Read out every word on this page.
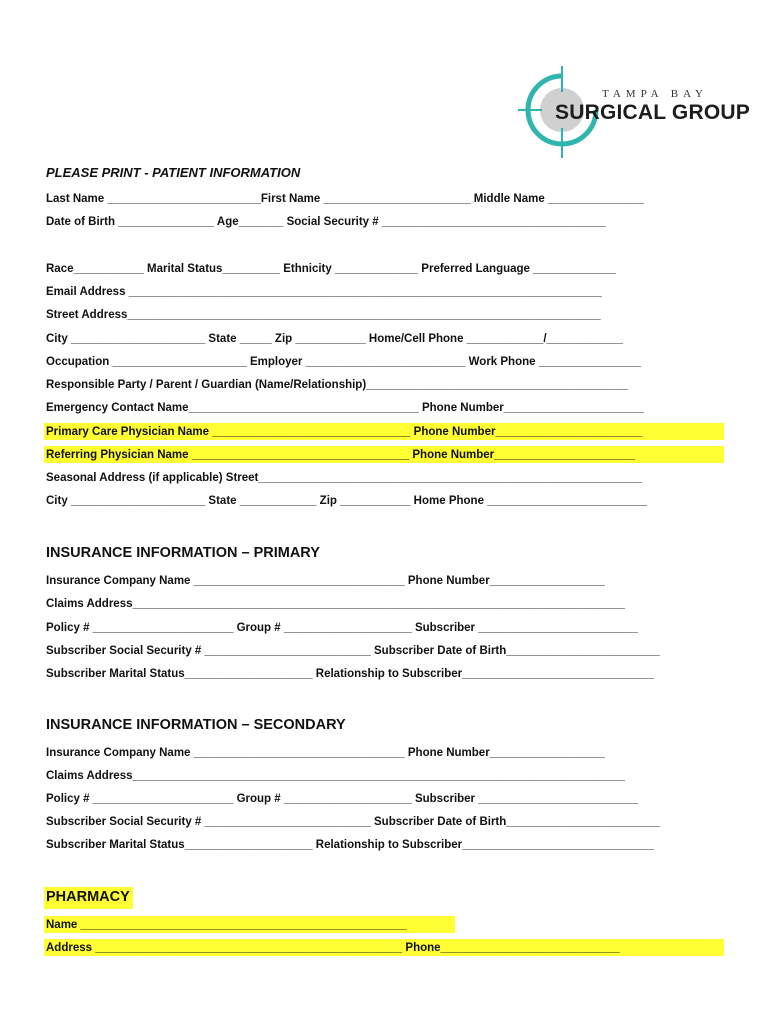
TAMPA BAY
SURGICAL GROUP
PLEASE PRINT - PATIENT INFORMATION
Last Name ________________________First Name _______________________ Middle Name _______________
Date of Birth _______________ Age_______ Social Security # ___________________________________

Race___________ Marital Status_________ Ethnicity _____________ Preferred Language _____________
Email Address __________________________________________________________________________
Street Address__________________________________________________________________________
City _____________________ State _____ Zip ___________ Home/Cell Phone ____________/____________
Occupation _____________________ Employer _________________________ Work Phone ________________
Responsible Party / Parent / Guardian (Name/Relationship)_________________________________________
Emergency Contact Name____________________________________ Phone Number______________________
Primary Care Physician Name _______________________________ Phone Number_______________________
Referring Physician Name __________________________________ Phone Number______________________
Seasonal Address (if applicable) Street____________________________________________________________
City _____________________ State ____________ Zip ___________ Home Phone _________________________
INSURANCE INFORMATION – PRIMARY
Insurance Company Name _________________________________ Phone Number__________________
Claims Address_____________________________________________________________________________
Policy # ______________________ Group # ____________________ Subscriber _________________________
Subscriber Social Security # __________________________ Subscriber Date of Birth________________________
Subscriber Marital Status____________________ Relationship to Subscriber______________________________
INSURANCE INFORMATION – SECONDARY
Insurance Company Name _________________________________ Phone Number__________________
Claims Address_____________________________________________________________________________
Policy # ______________________ Group # ____________________ Subscriber _________________________
Subscriber Social Security # __________________________ Subscriber Date of Birth________________________
Subscriber Marital Status____________________ Relationship to Subscriber______________________________
PHARMACY
Name ___________________________________________________
Address ________________________________________________ Phone____________________________
